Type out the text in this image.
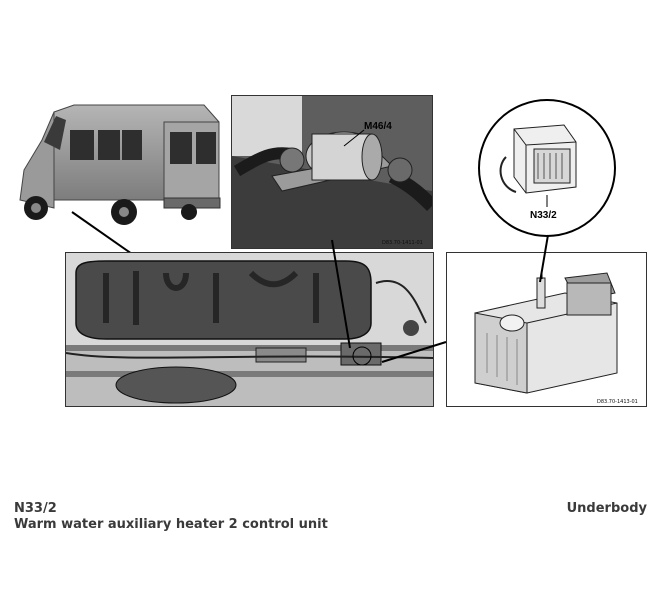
M46/4
D83.70-1411-01
D83.70-1413-01
N33/2
N33/2
Warm water auxiliary heater 2 control unit
Underbody
